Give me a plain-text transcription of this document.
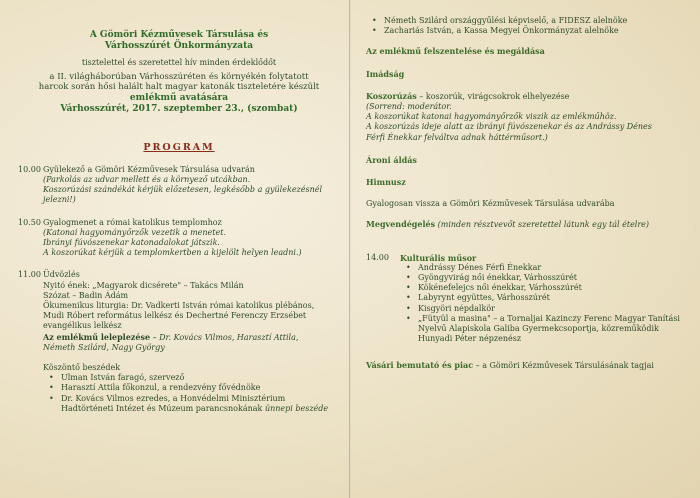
A Gömöri Kézművesek Társulása és

Várhosszúrét Önkormányzata

tisztelettel és szeretettel hív minden érdeklődőt

a II. világháborúban Várhosszúréten és környékén folytatott

harcok során hősi halált halt magyar katonák tiszteletére készült

emlékmű avatására

Várhosszúrét, 2017. szeptember 23., (szombat)

PROGRAM

10.00 Gyülekező a Gömöri Kézművesek Társulása udvarán

(Parkolás az udvar mellett és a környező utcákban.

Koszorúzási szándékát kérjük előzetesen, legkésőbb a gyülekezésnél jelezni!)

10.50 Gyalogmenet a római katolikus templomhoz

(Katonai hagyományőrzők vezetik a menetet.

Ibrányi fúvószenekar katonadalokat játszik.

A koszorúkat kérjük a templomkertben a kijelölt helyen leadni.)

11.00 Üdvözlés

Nyitó ének: „Magyarok dicsérete" – Takács Milán

Szózat – Badin Ádám

Ökumenikus liturgia: Dr. Vadkerti István római katolikus plébános,

Mudi Róbert református lelkész és Dechertné Ferenczy Erzsébet

evangélikus lelkész

Az emlékmű leleplezése – Dr. Kovács Vilmos, Harasztí Attila,

Németh Szilárd, Nagy György

Köszöntő beszédek

• Ulman István faragó, szervező
• Harasztí Attila főkonzul, a rendezvény fővédnöke
• Dr. Kovács Vilmos ezredes, a Honvédelmi Minisztérium
Hadtörténeti Intézet és Múzeum parancsnokának ünnepi beszéde
• Németh Szilárd országgyűlési képviselő, a FIDESZ alelnöke
• Zachariás István, a Kassa Megyei Önkormányzat alelnöke

Az emlékmű felszentelése és megáldása

Imádság

Koszorúzás – koszorúk, virágcsokrok elhelyezése

(Sorrend: moderátor.

A koszorúkat katonai hagyományőrzők viszik az emlékműhöz.

A koszorúzás ideje alatt az ibrányi fúvószenekar és az Andrássy Dénes

Férfi Énekkar felváltva adnak háttérműsort.)

Ároni áldás

Himnusz

Gyalogosan vissza a Gömöri Kézművesek Társulása udvarába

Megvendégelés (minden résztvevőt szeretettel látunk egy tál ételre)

14.00	Kulturális műsor

• Andrássy Dénes Férfi Énekkar
• Gyöngyvirág női énekkar, Várhosszúrét
• Kökénefelejcs női énekkar, Várhosszúrét
• Labyrynt együttes, Várhosszúrét
• Kisgyöri népdalkör
• „Fütyül a masina" – a Tornaljai Kazinczy Ferenc Magyar Tanítási
Nyelvű Alapiskola Galiba Gyermekcsoportja, közreműködik
Hunyadi Péter népzenész

Vásári bemutató és piac – a Gömöri Kézművesek Társulásának tagjai
